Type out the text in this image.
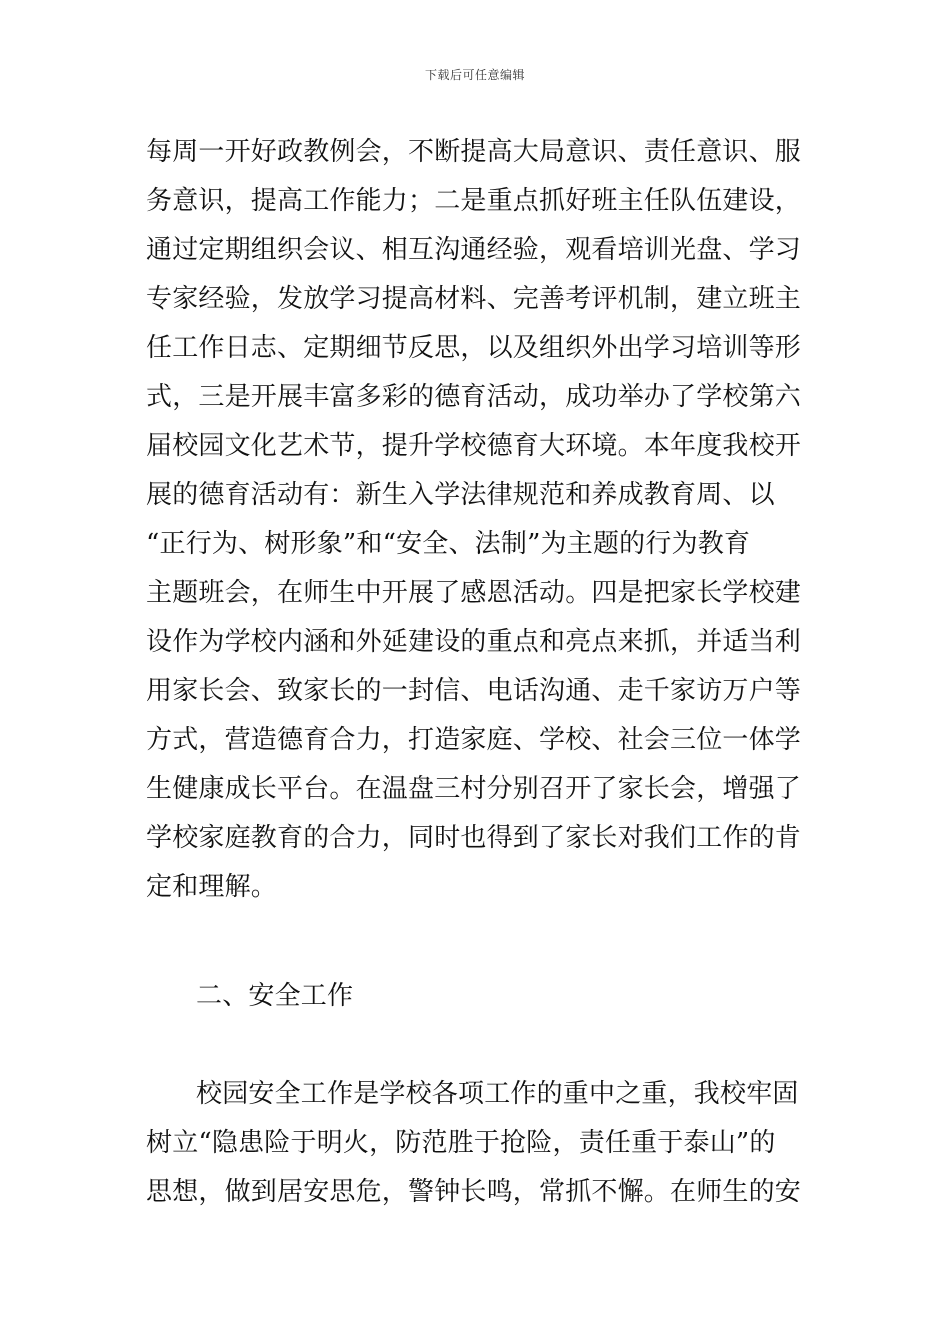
下载后可任意编辑
每周一开好政教例会，不断提高大局意识、责任意识、服
务意识，提高工作能力；二是重点抓好班主任队伍建设，
通过定期组织会议、相互沟通经验，观看培训光盘、学习
专家经验，发放学习提高材料、完善考评机制，建立班主
任工作日志、定期细节反思，以及组织外出学习培训等形
式，三是开展丰富多彩的德育活动，成功举办了学校第六
届校园文化艺术节，提升学校德育大环境。本年度我校开
展的德育活动有：新生入学法律规范和养成教育周、以
“正行为、树形象”和“安全、法制”为主题的行为教育
主题班会，在师生中开展了感恩活动。四是把家长学校建
设作为学校内涵和外延建设的重点和亮点来抓，并适当利
用家长会、致家长的一封信、电话沟通、走千家访万户等
方式，营造德育合力，打造家庭、学校、社会三位一体学
生健康成长平台。在温盘三村分别召开了家长会，增强了
学校家庭教育的合力，同时也得到了家长对我们工作的肯
定和理解。
二、安全工作
校园安全工作是学校各项工作的重中之重，我校牢固
树立“隐患险于明火，防范胜于抢险，责任重于泰山”的
思想，做到居安思危，警钟长鸣，常抓不懈。在师生的安
